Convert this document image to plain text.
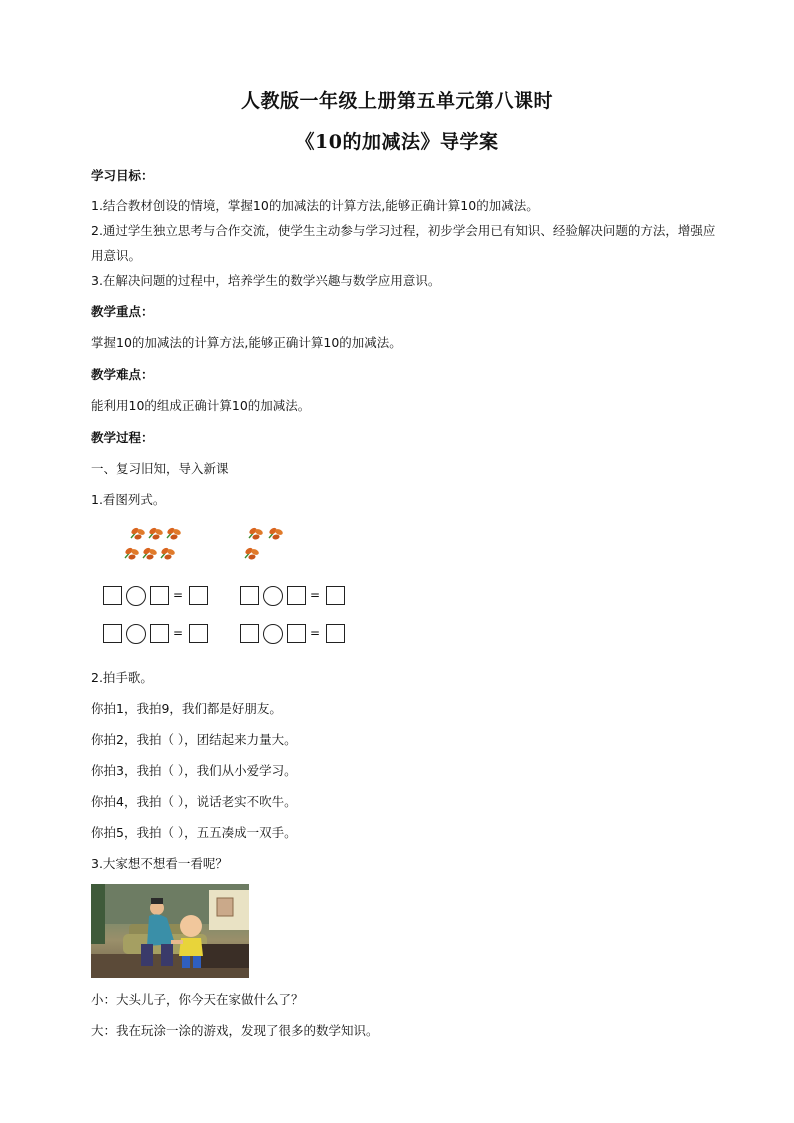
人教版一年级上册第五单元第八课时
《10的加减法》导学案
学习目标：
1.结合教材创设的情境，掌握10的加减法的计算方法,能够正确计算10的加减法。
2.通过学生独立思考与合作交流，使学生主动参与学习过程，初步学会用已有知识、经验解决问题的方法，增强应用意识。
3.在解决问题的过程中，培养学生的数学兴趣与数学应用意识。
教学重点：
掌握10的加减法的计算方法,能够正确计算10的加减法。
教学难点：
能利用10的组成正确计算10的加减法。
教学过程：
一、复习旧知，导入新课
1.看图列式。
=	=
=	=
2.拍手歌。
你拍1，我拍9，我们都是好朋友。
你拍2，我拍（ ），团结起来力量大。
你拍3，我拍（ ），我们从小爱学习。
你拍4，我拍（ ），说话老实不吹牛。
你拍5，我拍（ ），五五凑成一双手。
3.大家想不想看一看呢？
小：大头儿子，你今天在家做什么了？
大：我在玩涂一涂的游戏，发现了很多的数学知识。
